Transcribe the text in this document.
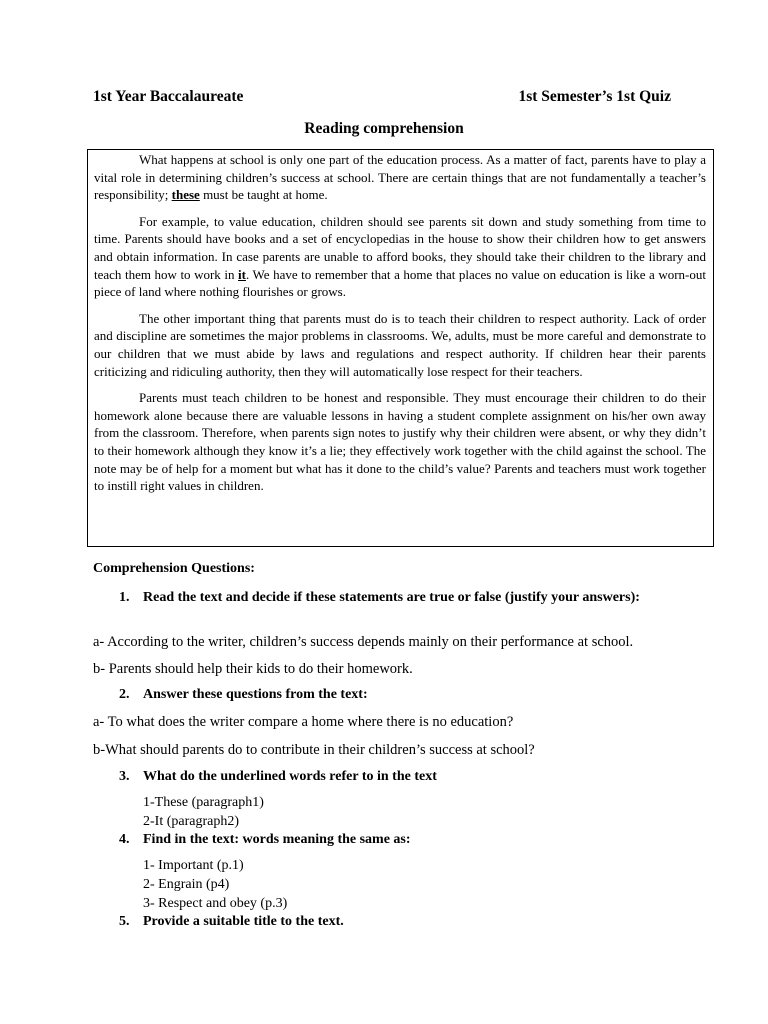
1st Year Baccalaureate	1st Semester’s 1st Quiz
Reading comprehension

What happens at school is only one part of the education process. As a matter of fact, parents have to play a vital role in determining children’s success at school. There are certain things that are not fundamentally a teacher’s responsibility; these must be taught at home.

For example, to value education, children should see parents sit down and study something from time to time. Parents should have books and a set of encyclopedias in the house to show their children how to get answers and obtain information. In case parents are unable to afford books, they should take their children to the library and teach them how to work in it. We have to remember that a home that places no value on education is like a worn-out piece of land where nothing flourishes or grows.

The other important thing that parents must do is to teach their children to respect authority. Lack of order and discipline are sometimes the major problems in classrooms. We, adults, must be more careful and demonstrate to our children that we must abide by laws and regulations and respect authority. If children hear their parents criticizing and ridiculing authority, then they will automatically lose respect for their teachers.

Parents must teach children to be honest and responsible. They must encourage their children to do their homework alone because there are valuable lessons in having a student complete assignment on his/her own away from the classroom. Therefore, when parents sign notes to justify why their children were absent, or why they didn’t to their homework although they know it’s a lie; they effectively work together with the child against the school. The note may be of help for a moment but what has it done to the child’s value? Parents and teachers must work together to instill right values in children.

Comprehension Questions:

1. Read the text and decide if these statements are true or false (justify your answers):

a- According to the writer, children’s success depends mainly on their performance at school.

b- Parents should help their kids to do their homework.

2. Answer these questions from the text:

a- To what does the writer compare a home where there is no education?

b-What should parents do to contribute in their children’s success at school?

3. What do the underlined words refer to in the text

1-These (paragraph1)

2-It (paragraph2)

4. Find in the text: words meaning the same as:

1- Important (p.1)

2- Engrain (p4)

3- Respect and obey (p.3)

5. Provide a suitable title to the text.
